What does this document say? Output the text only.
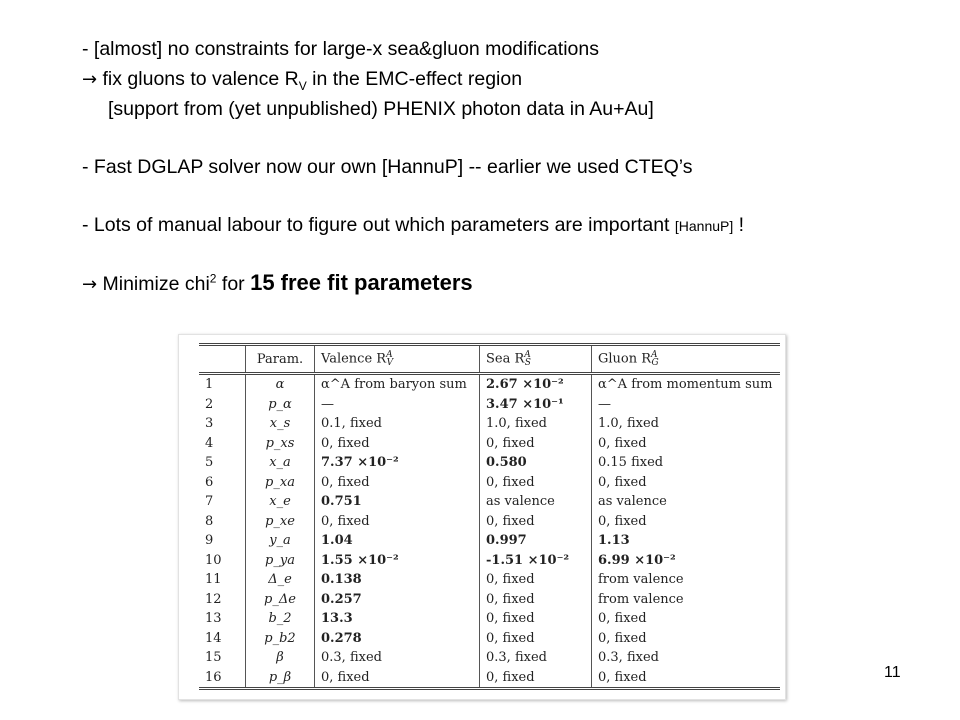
- [almost] no constraints for large-x sea&gluon modifications
→ fix gluons to valence $R_V$ in the EMC-effect region
[support from (yet unpublished) PHENIX photon data in Au+Au]
- Fast DGLAP solver now our own [HannuP] -- earlier we used CTEQ’s
- Lots of manual labour to figure out which parameters are important [HannuP] !
→ Minimize chi$^2$ for 15 free fit parameters
	Param.	Valence $R^A_V$	Sea $R^A_S$	Gluon $R^A_G$
1	α	α^A from baryon sum	2.67 ×10⁻²	α^A from momentum sum
2	p_α	—	3.47 ×10⁻¹	—
3	x_s	0.1, fixed	1.0, fixed	1.0, fixed
4	p_xs	0, fixed	0, fixed	0, fixed
5	x_a	7.37 ×10⁻²	0.580	0.15 fixed
6	p_xa	0, fixed	0, fixed	0, fixed
7	x_e	0.751	as valence	as valence
8	p_xe	0, fixed	0, fixed	0, fixed
9	y_a	1.04	0.997	1.13
10	p_ya	1.55 ×10⁻²	-1.51 ×10⁻²	6.99 ×10⁻²
11	Δ_e	0.138	0, fixed	from valence
12	p_Δe	0.257	0, fixed	from valence
13	b_2	13.3	0, fixed	0, fixed
14	p_b2	0.278	0, fixed	0, fixed
15	β	0.3, fixed	0.3, fixed	0.3, fixed
16	p_β	0, fixed	0, fixed	0, fixed	11
